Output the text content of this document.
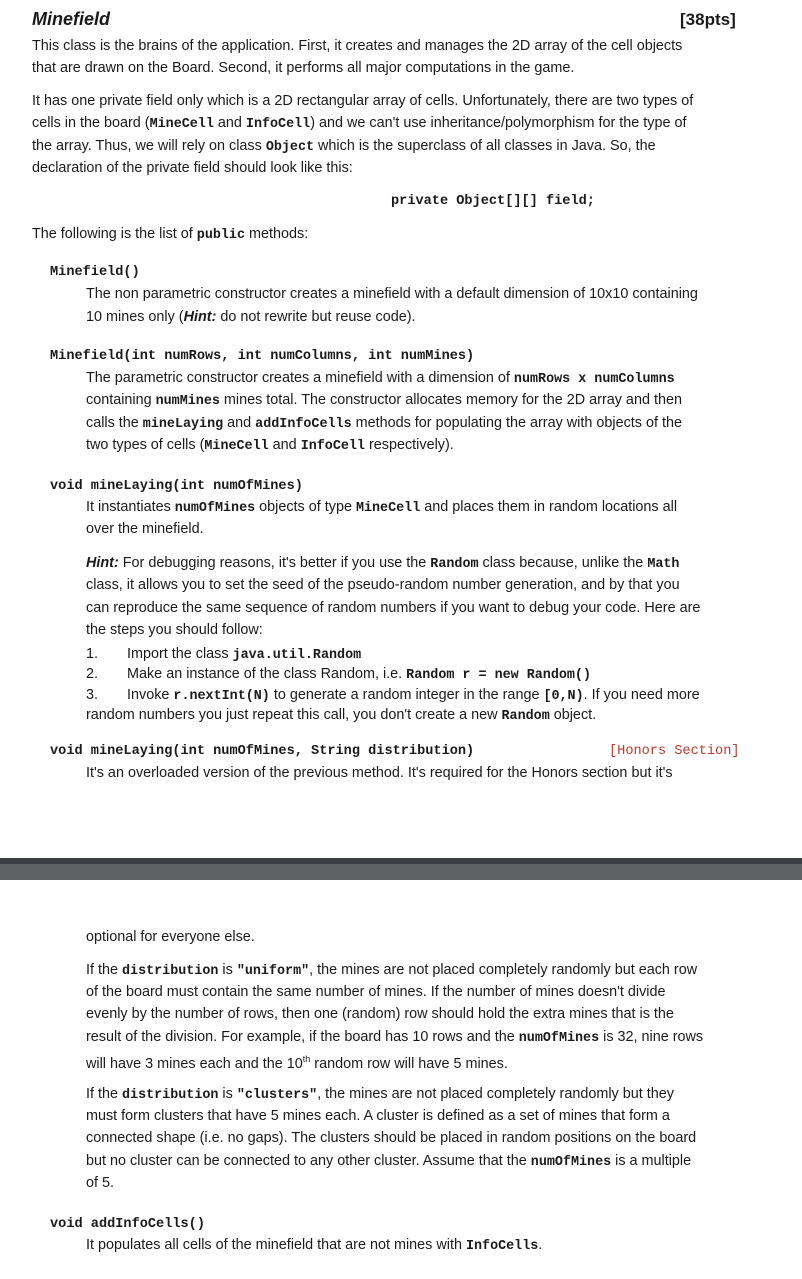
Minefield	[38pts]
This class is the brains of the application. First, it creates and manages the 2D array of the cell objects
that are drawn on the Board. Second, it performs all major computations in the game.
It has one private field only which is a 2D rectangular array of cells. Unfortunately, there are two types of
cells in the board (MineCell and InfoCell) and we can't use inheritance/polymorphism for the type of
the array. Thus, we will rely on class Object which is the superclass of all classes in Java. So, the
declaration of the private field should look like this:
private Object[][] field;
The following is the list of public methods:
Minefield()
The non parametric constructor creates a minefield with a default dimension of 10x10 containing
10 mines only (Hint: do not rewrite but reuse code).
Minefield(int numRows, int numColumns, int numMines)
The parametric constructor creates a minefield with a dimension of numRows x numColumns
containing numMines mines total. The constructor allocates memory for the 2D array and then
calls the mineLaying and addInfoCells methods for populating the array with objects of the
two types of cells (MineCell and InfoCell respectively).
void mineLaying(int numOfMines)
It instantiates numOfMines objects of type MineCell and places them in random locations all
over the minefield.
Hint: For debugging reasons, it's better if you use the Random class because, unlike the Math
class, it allows you to set the seed of the pseudo-random number generation, and by that you
can reproduce the same sequence of random numbers if you want to debug your code. Here are
the steps you should follow:
1. Import the class java.util.Random
2. Make an instance of the class Random, i.e. Random r = new Random()
3. Invoke r.nextInt(N) to generate a random integer in the range [0,N). If you need more
random numbers you just repeat this call, you don't create a new Random object.
void mineLaying(int numOfMines, String distribution)	[Honors Section]
It's an overloaded version of the previous method. It's required for the Honors section but it's
optional for everyone else.
If the distribution is "uniform", the mines are not placed completely randomly but each row
of the board must contain the same number of mines. If the number of mines doesn't divide
evenly by the number of rows, then one (random) row should hold the extra mines that is the
result of the division. For example, if the board has 10 rows and the numOfMines is 32, nine rows
will have 3 mines each and the 10th random row will have 5 mines.
If the distribution is "clusters", the mines are not placed completely randomly but they
must form clusters that have 5 mines each. A cluster is defined as a set of mines that form a
connected shape (i.e. no gaps). The clusters should be placed in random positions on the board
but no cluster can be connected to any other cluster. Assume that the numOfMines is a multiple
of 5.
void addInfoCells()
It populates all cells of the minefield that are not mines with InfoCells.
